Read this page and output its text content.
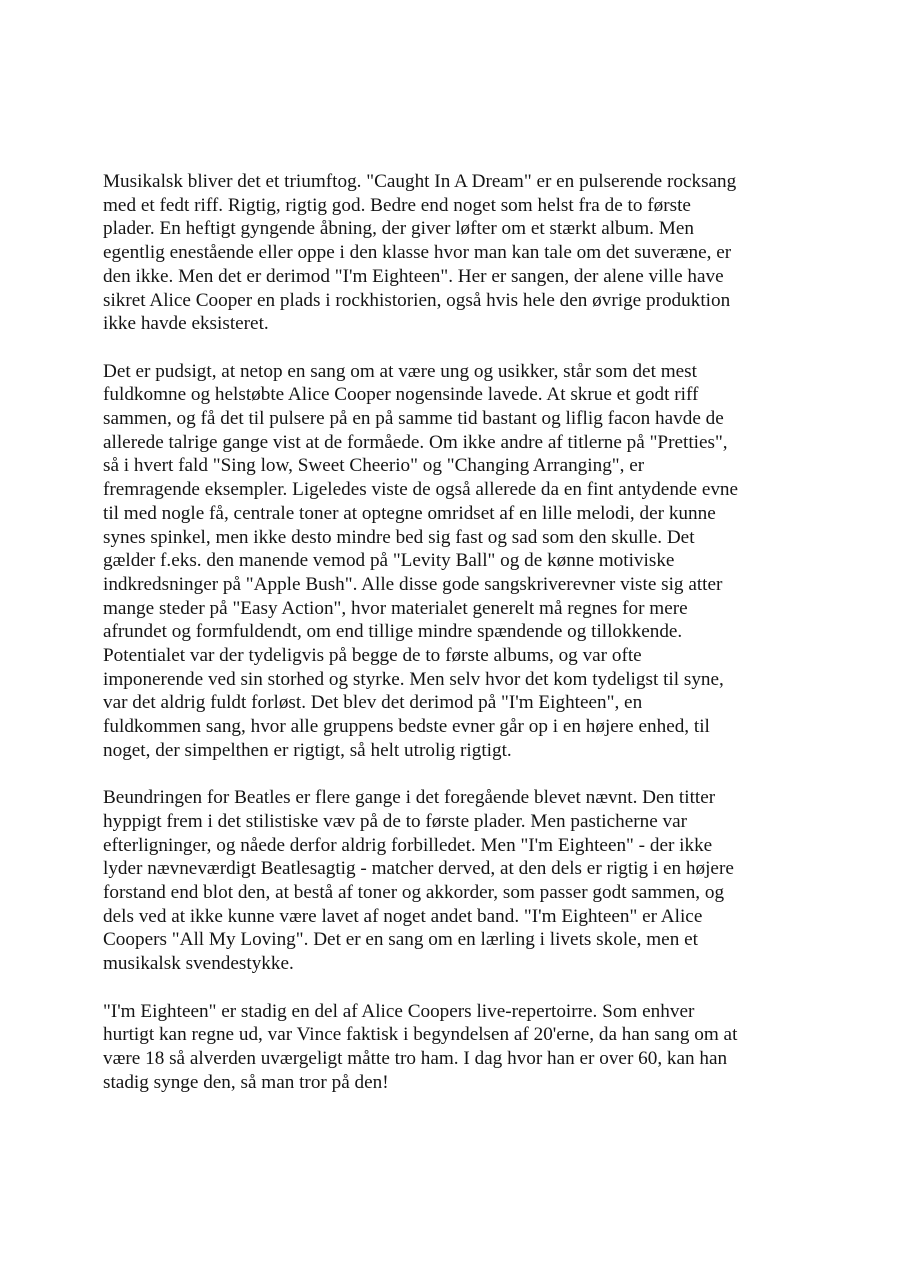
Musikalsk bliver det et triumftog. "Caught In A Dream" er en pulserende rocksang
med et fedt riff. Rigtig, rigtig god. Bedre end noget som helst fra de to første
plader. En heftigt gyngende åbning, der giver løfter om et stærkt album. Men
egentlig enestående eller oppe i den klasse hvor man kan tale om det suveræne, er
den ikke. Men det er derimod "I'm Eighteen". Her er sangen, der alene ville have
sikret Alice Cooper en plads i rockhistorien, også hvis hele den øvrige produktion
ikke havde eksisteret.

Det er pudsigt, at netop en sang om at være ung og usikker, står som det mest
fuldkomne og helstøbte Alice Cooper nogensinde lavede. At skrue et godt riff
sammen, og få det til pulsere på en på samme tid bastant og liflig facon havde de
allerede talrige gange vist at de formåede. Om ikke andre af titlerne på "Pretties",
så i hvert fald "Sing low, Sweet Cheerio" og "Changing Arranging", er
fremragende eksempler. Ligeledes viste de også allerede da en fint antydende evne
til med nogle få, centrale toner at optegne omridset af en lille melodi, der kunne
synes spinkel, men ikke desto mindre bed sig fast og sad som den skulle. Det
gælder f.eks. den manende vemod på "Levity Ball" og de kønne motiviske
indkredsninger på "Apple Bush". Alle disse gode sangskriverevner viste sig atter
mange steder på "Easy Action", hvor materialet generelt må regnes for mere
afrundet og formfuldendt, om end tillige mindre spændende og tillokkende.
Potentialet var der tydeligvis på begge de to første albums, og var ofte
imponerende ved sin storhed og styrke. Men selv hvor det kom tydeligst til syne,
var det aldrig fuldt forløst. Det blev det derimod på "I'm Eighteen", en
fuldkommen sang, hvor alle gruppens bedste evner går op i en højere enhed, til
noget, der simpelthen er rigtigt, så helt utrolig rigtigt.

Beundringen for Beatles er flere gange i det foregående blevet nævnt. Den titter
hyppigt frem i det stilistiske væv på de to første plader. Men pasticherne var
efterligninger, og nåede derfor aldrig forbilledet. Men "I'm Eighteen" - der ikke
lyder nævneværdigt Beatlesagtig - matcher derved, at den dels er rigtig i en højere
forstand end blot den, at bestå af toner og akkorder, som passer godt sammen, og
dels ved at ikke kunne være lavet af noget andet band. "I'm Eighteen" er Alice
Coopers "All My Loving". Det er en sang om en lærling i livets skole, men et
musikalsk svendestykke.

"I'm Eighteen" er stadig en del af Alice Coopers live-repertoirre. Som enhver
hurtigt kan regne ud, var Vince faktisk i begyndelsen af 20'erne, da han sang om at
være 18 så alverden uværgeligt måtte tro ham. I dag hvor han er over 60, kan han
stadig synge den, så man tror på den!
